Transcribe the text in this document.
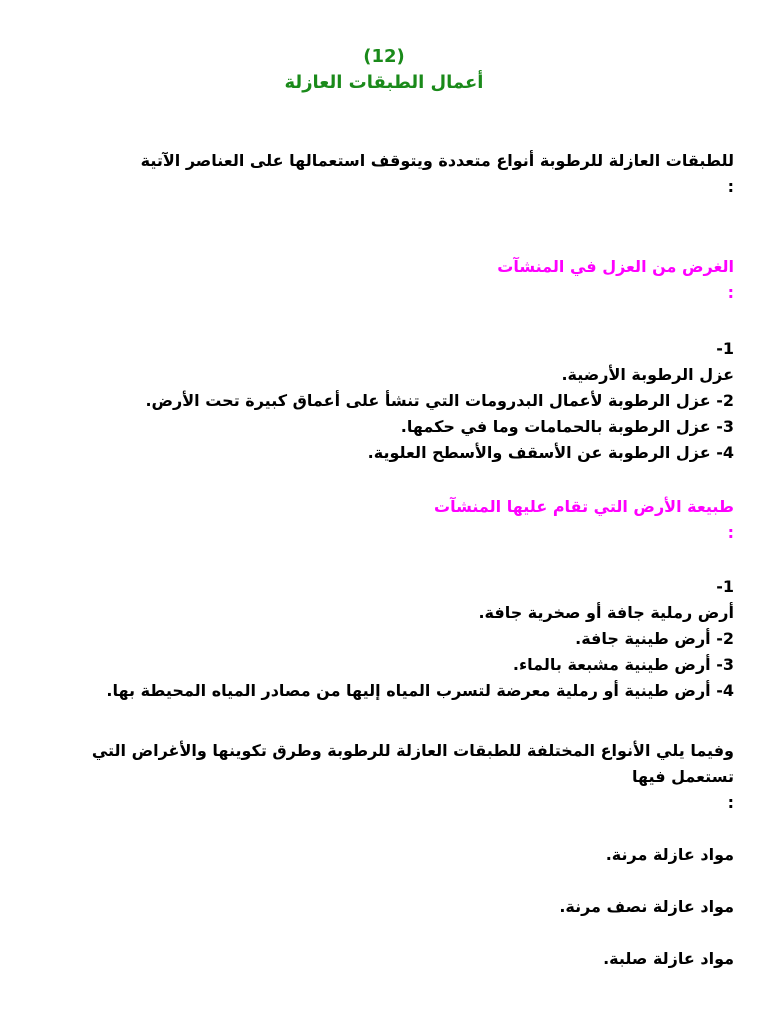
(12)
أعمال الطبقات العازلة
للطبقات العازلة للرطوبة أنواع متعددة ويتوقف استعمالها على العناصر الآتية
:
الغرض من العزل في المنشآت
:
1-
عزل الرطوبة الأرضية.
2- عزل الرطوبة لأعمال البدرومات التي تنشأ على أعماق كبيرة تحت الأرض.
3- عزل الرطوبة بالحمامات وما في حكمها.
4- عزل الرطوبة عن الأسقف والأسطح العلوية.
طبيعة الأرض التي تقام عليها المنشآت
:
1-
أرض رملية جافة أو صخرية جافة.
2- أرض طينية جافة.
3- أرض طينية مشبعة بالماء.
4- أرض طينية أو رملية معرضة لتسرب المياه إليها من مصادر المياه المحيطة بها.
وفيما يلي الأنواع المختلفة للطبقات العازلة للرطوبة وطرق تكوينها والأغراض التي تستعمل فيها
:
مواد عازلة مرنة.
مواد عازلة نصف مرنة.
مواد عازلة صلبة.
